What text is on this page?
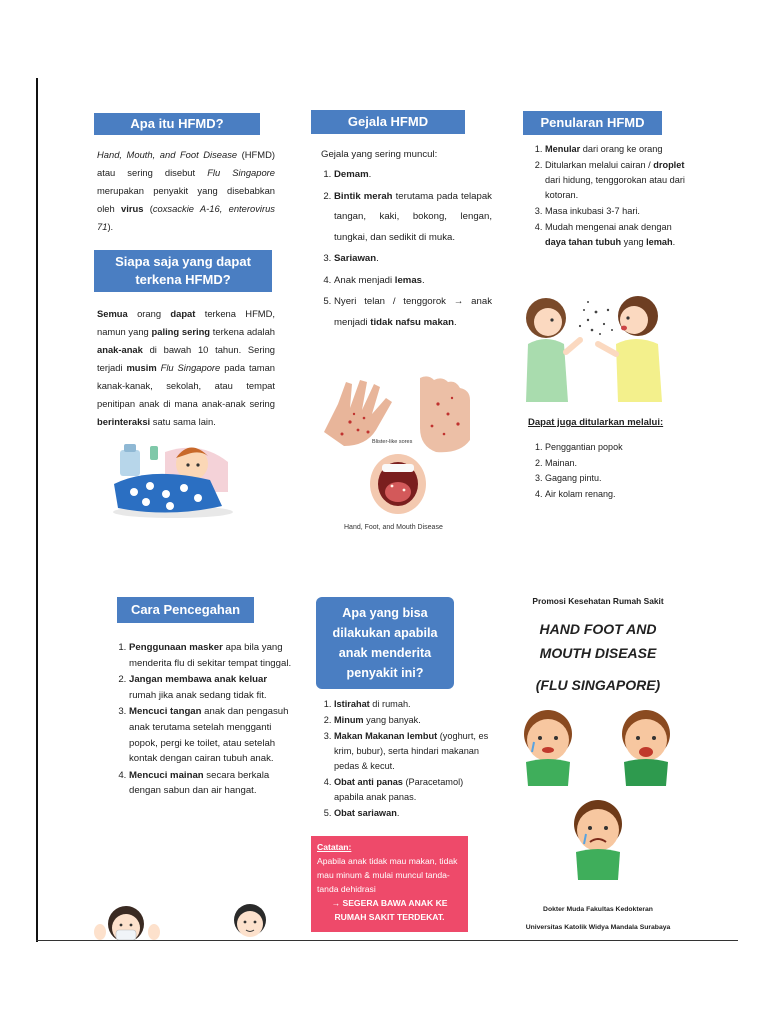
Apa itu HFMD?
Hand, Mouth, and Foot Disease (HFMD) atau sering disebut Flu Singapore merupakan penyakit yang disebabkan oleh virus (coxsackie A-16, enterovirus 71).
Siapa saja yang dapat terkena HFMD?
Semua orang dapat terkena HFMD, namun yang paling sering terkena adalah anak-anak di bawah 10 tahun. Sering terjadi musim Flu Singapore pada taman kanak-kanak, sekolah, atau tempat penitipan anak di mana anak-anak sering berinteraksi satu sama lain.
Gejala HFMD
Gejala yang sering muncul:
1. Demam.
2. Bintik merah terutama pada telapak tangan, kaki, bokong, lengan, tungkai, dan sedikit di muka.
3. Sariawan.
4. Anak menjadi lemas.
5. Nyeri telan / tenggorok → anak menjadi tidak nafsu makan.
Blister-like sores
Hand, Foot, and Mouth Disease
Penularan HFMD
1. Menular dari orang ke orang
2. Ditularkan melalui cairan / droplet dari hidung, tenggorokan atau dari kotoran.
3. Masa inkubasi 3-7 hari.
4. Mudah mengenai anak dengan daya tahan tubuh yang lemah.
Dapat juga ditularkan melalui:
1. Penggantian popok
2. Mainan.
3. Gagang pintu.
4. Air kolam renang.
Cara Pencegahan
1. Penggunaan masker apa bila yang menderita flu di sekitar tempat tinggal.
2. Jangan membawa anak keluar rumah jika anak sedang tidak fit.
3. Mencuci tangan anak dan pengasuh anak terutama setelah mengganti popok, pergi ke toilet, atau setelah kontak dengan cairan tubuh anak.
4. Mencuci mainan secara berkala dengan sabun dan air hangat.
Apa yang bisa dilakukan apabila anak menderita penyakit ini?
1. Istirahat di rumah.
2. Minum yang banyak.
3. Makan Makanan lembut (yoghurt, es krim, bubur), serta hindari makanan pedas & kecut.
4. Obat anti panas (Paracetamol) apabila anak panas.
5. Obat sariawan.
Catatan:
Apabila anak tidak mau makan, tidak mau minum & mulai muncul tanda-tanda dehidrasi
→ SEGERA BAWA ANAK KE RUMAH SAKIT TERDEKAT.
Promosi Kesehatan Rumah Sakit
HAND FOOT AND
MOUTH DISEASE
(FLU SINGAPORE)
Dokter Muda Fakultas Kedokteran
Universitas Katolik Widya Mandala Surabaya
